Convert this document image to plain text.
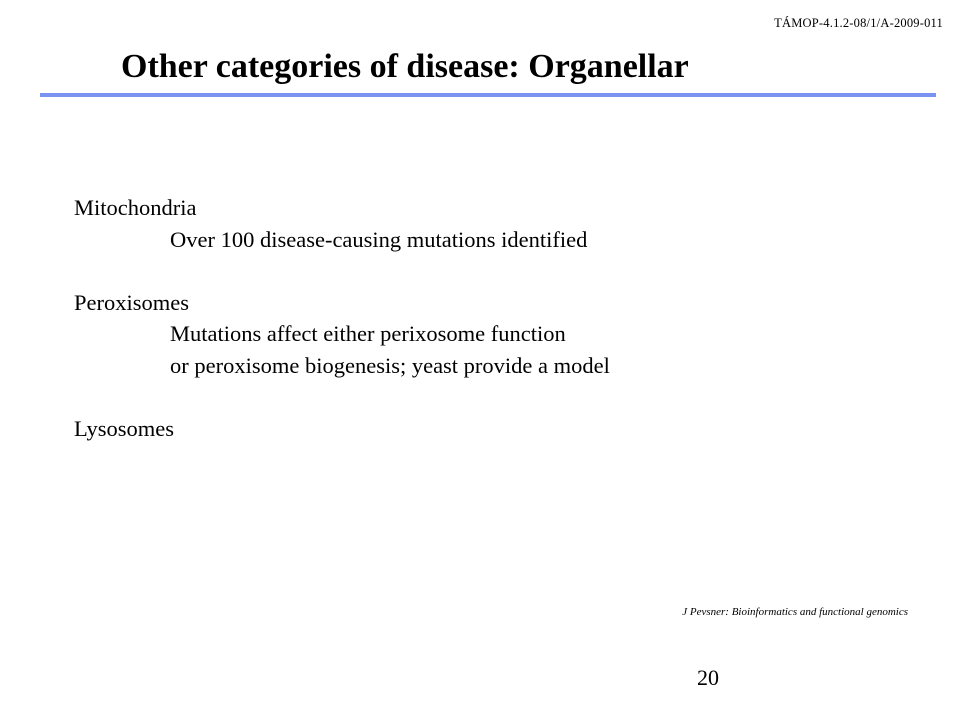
TÁMOP-4.1.2-08/1/A-2009-011
Other categories of disease: Organellar
Mitochondria
Over 100 disease-causing mutations identified
Peroxisomes
Mutations affect either perixosome function
or peroxisome biogenesis; yeast provide a model
Lysosomes
J Pevsner: Bioinformatics and functional genomics
20
